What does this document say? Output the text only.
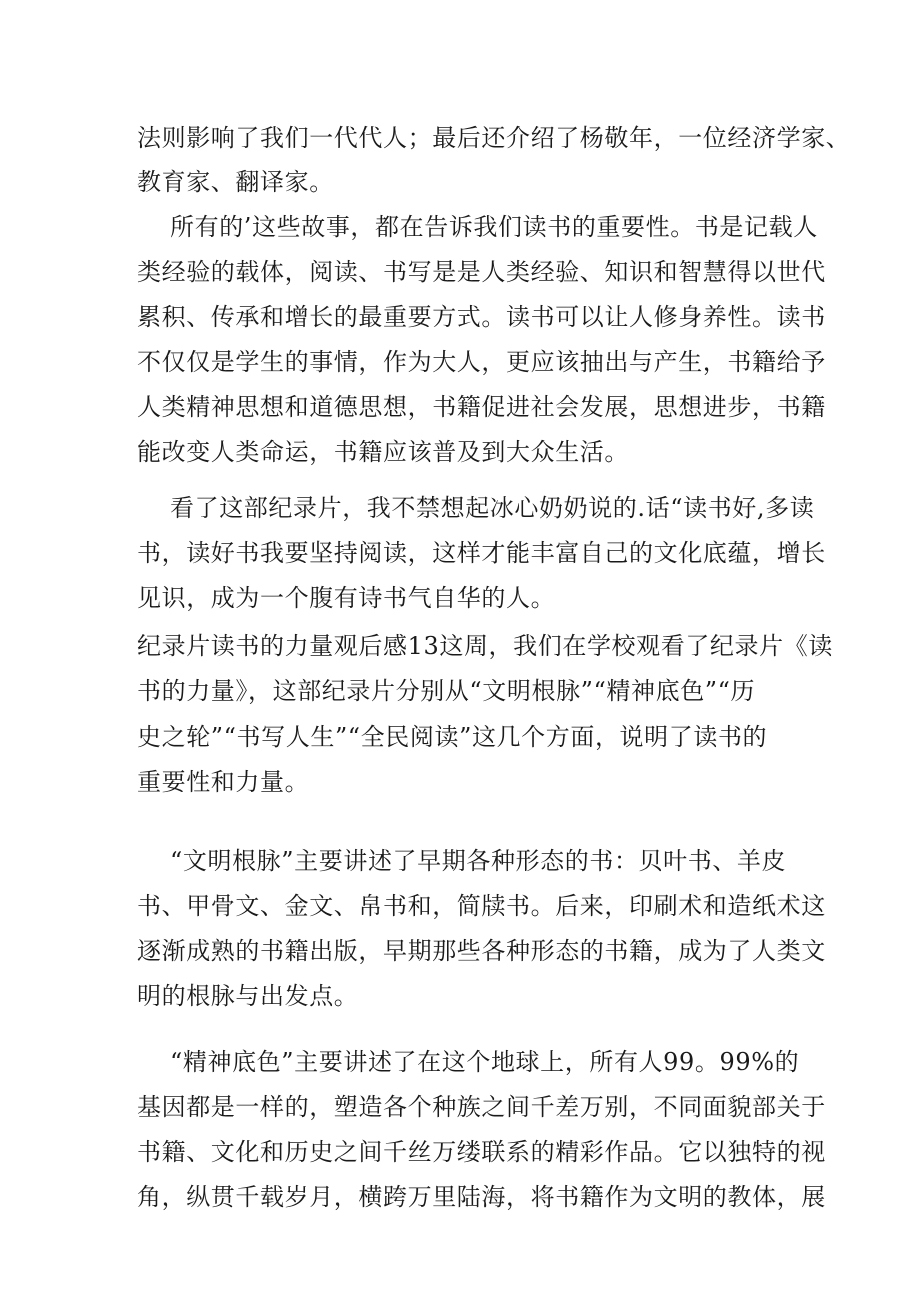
法则影响了我们一代代人；最后还介绍了杨敬年，一位经济学家、
教育家、翻译家。
所有的’这些故事，都在告诉我们读书的重要性。书是记载人
类经验的载体，阅读、书写是是人类经验、知识和智慧得以世代
累积、传承和增长的最重要方式。读书可以让人修身养性。读书
不仅仅是学生的事情，作为大人，更应该抽出与产生，书籍给予
人类精神思想和道德思想，书籍促进社会发展，思想进步，书籍
能改变人类命运，书籍应该普及到大众生活。
看了这部纪录片，我不禁想起冰心奶奶说的.话“读书好,多读
书，读好书我要坚持阅读，这样才能丰富自己的文化底蕴，增长
见识，成为一个腹有诗书气自华的人。
纪录片读书的力量观后感13这周，我们在学校观看了纪录片《读
书的力量》，这部纪录片分别从“文明根脉”“精神底色”“历
史之轮”“书写人生”“全民阅读”这几个方面，说明了读书的
重要性和力量。
“文明根脉”主要讲述了早期各种形态的书：贝叶书、羊皮
书、甲骨文、金文、帛书和，简牍书。后来，印刷术和造纸术这
逐渐成熟的书籍出版，早期那些各种形态的书籍，成为了人类文
明的根脉与出发点。
“精神底色”主要讲述了在这个地球上，所有人99。99%的
基因都是一样的，塑造各个种族之间千差万别，不同面貌部关于
书籍、文化和历史之间千丝万缕联系的精彩作品。它以独特的视
角，纵贯千载岁月，横跨万里陆海，将书籍作为文明的教体，展
